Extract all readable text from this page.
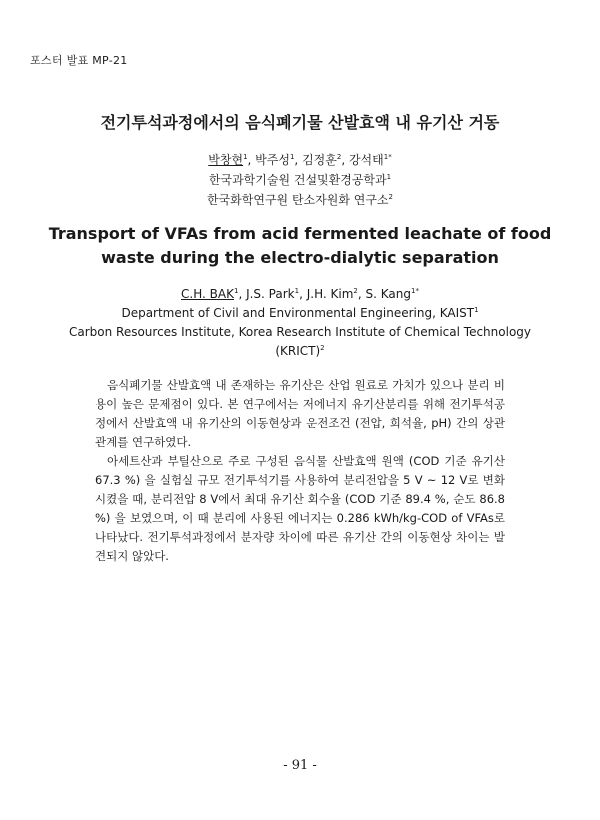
포스터 발표 MP-21
전기투석과정에서의 음식폐기물 산발효액 내 유기산 거동
박창현$^1$, 박주성$^1$, 김정훈$^2$, 강석태$^{1*}$
한국과학기술원 건설및환경공학과$^1$
한국화학연구원 탄소자원화 연구소$^2$
Transport of VFAs from acid fermented leachate of food
waste during the electro-dialytic separation
C.H. BAK$^1$, J.S. Park$^1$, J.H. Kim$^2$, S. Kang$^{1*}$
Department of Civil and Environmental Engineering, KAIST$^1$
Carbon Resources Institute, Korea Research Institute of Chemical Technology
(KRICT)$^2$

음식폐기물 산발효액 내 존재하는 유기산은 산업 원료로 가치가 있으나 분리 비용이 높은 문제점이 있다. 본 연구에서는 저에너지 유기산분리를 위해 전기투석공정에서 산발효액 내 유기산의 이동현상과 운전조건 (전압, 희석율, pH) 간의 상관관계를 연구하였다.

아세트산과 부틸산으로 주로 구성된 음식물 산발효액 원액 (COD 기준 유기산 67.3 %) 을 실험실 규모 전기투석기를 사용하여 분리전압을 5 V ~ 12 V로 변화시켰을 때, 분리전압 8 V에서 최대 유기산 회수율 (COD 기준 89.4 %, 순도 86.8 %) 을 보였으며, 이 때 분리에 사용된 에너지는 0.286 kWh/kg-COD of VFAs로 나타났다. 전기투석과정에서 분자량 차이에 따른 유기산 간의 이동현상 차이는 발견되지 않았다.

- 91 -
